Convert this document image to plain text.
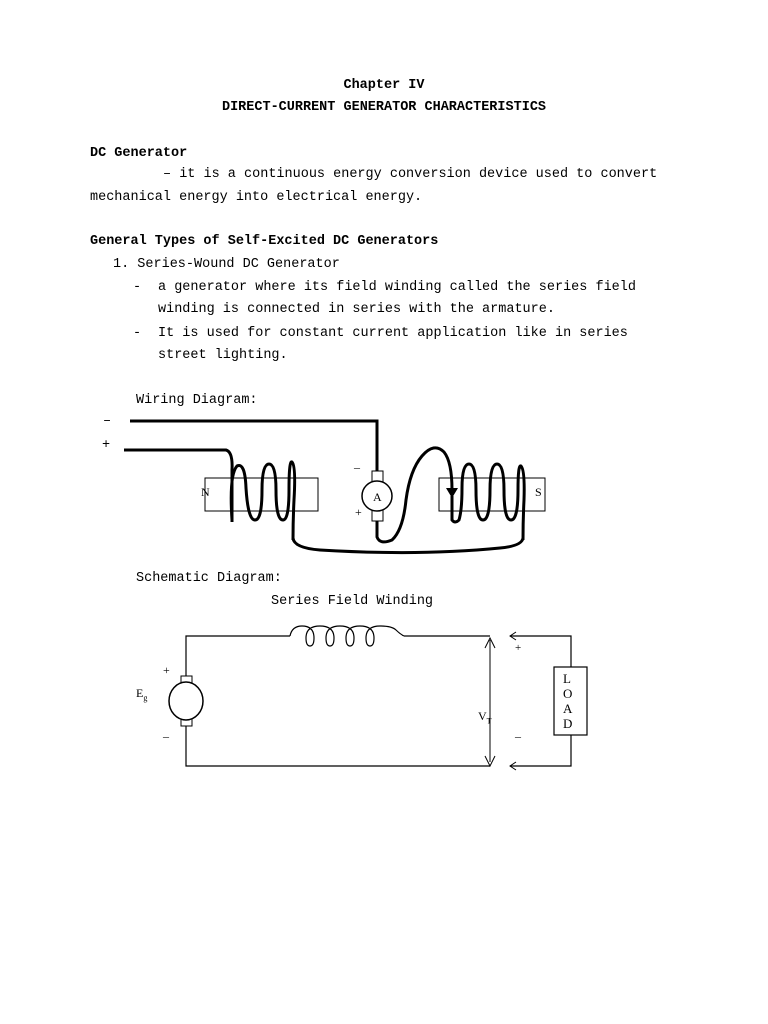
Chapter IV
DIRECT-CURRENT GENERATOR CHARACTERISTICS
DC Generator
– it is a continuous energy conversion device used to convert
mechanical energy into electrical energy.
General Types of Self-Excited DC Generators
1. Series-Wound DC Generator
- a generator where its field winding called the series field
winding is connected in series with the armature.
- It is used for constant current application like in series
street lighting.
Wiring Diagram:
–
+
N	S
A
–
+
Schematic Diagram:
Series Field Winding
+
–
$E_g$
$V_T$
+
–
L
O
A
D
